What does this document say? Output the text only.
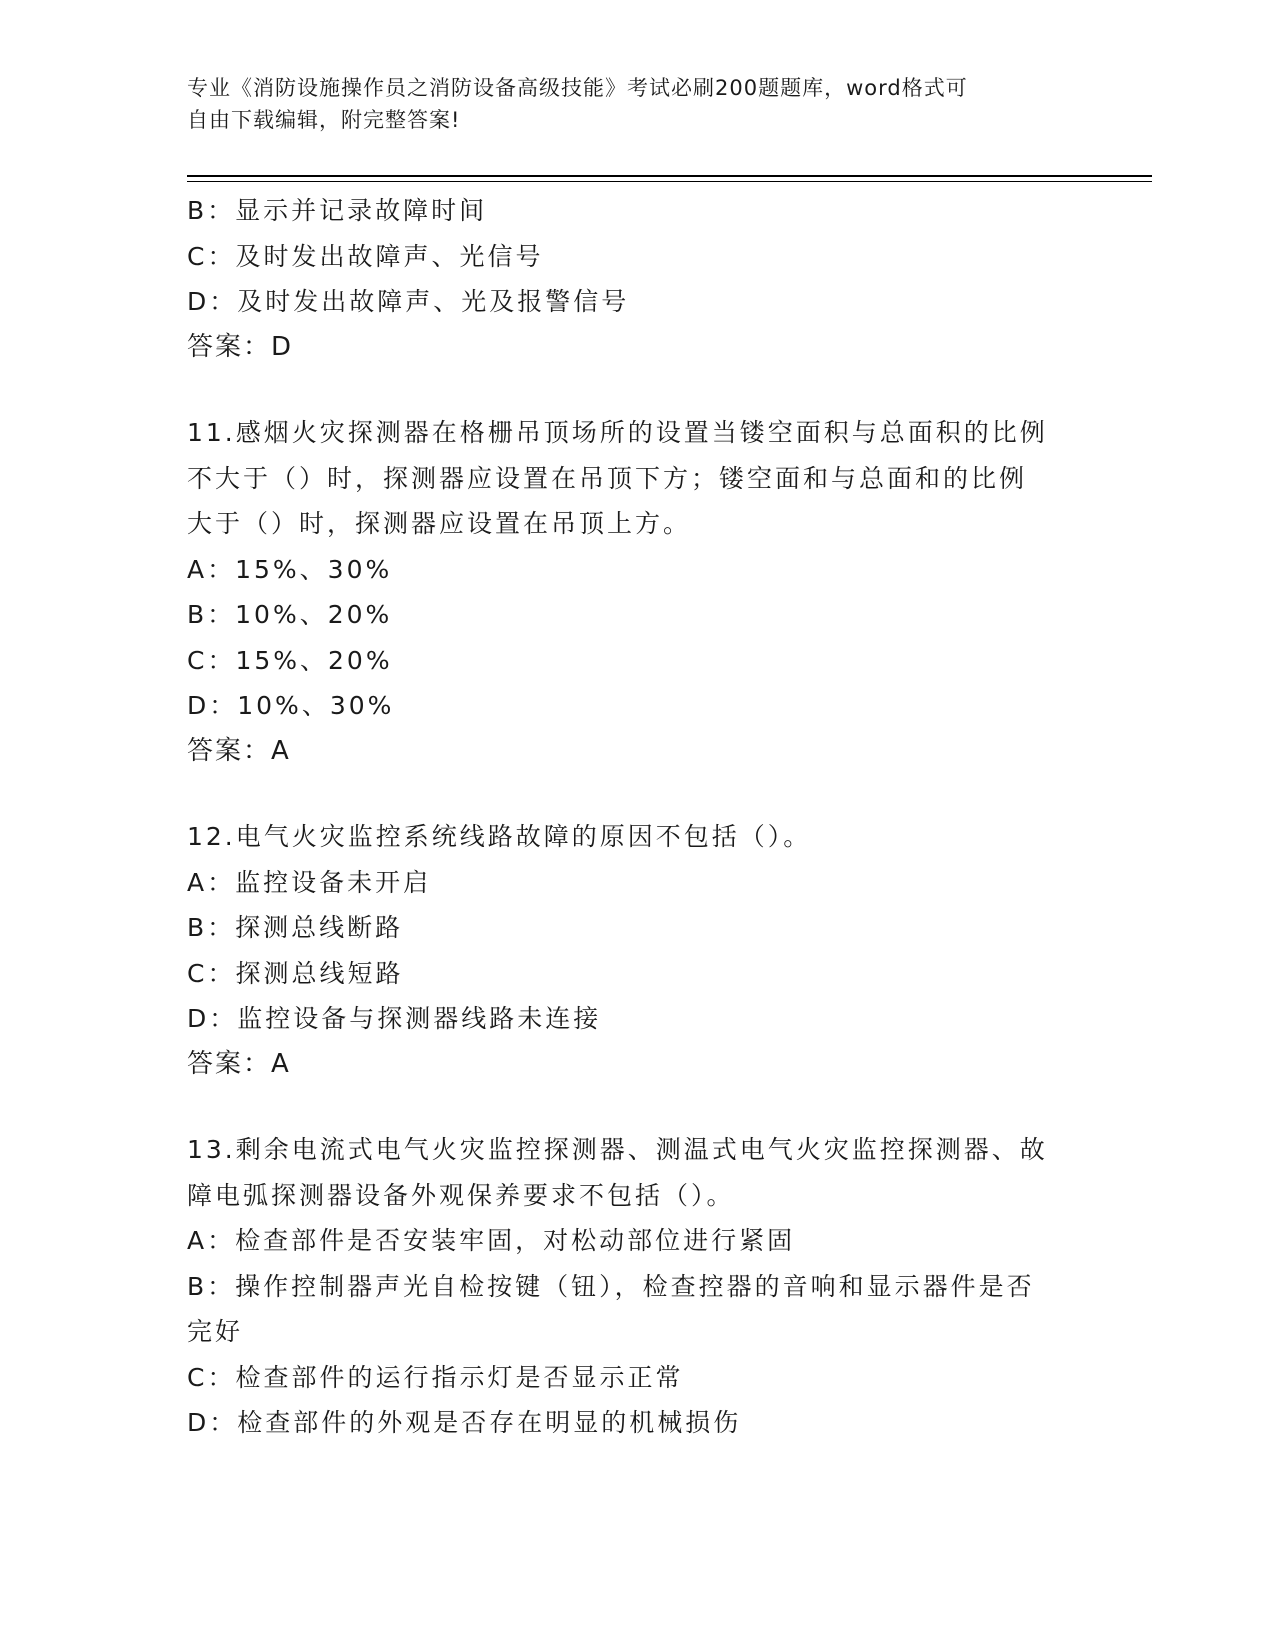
专业《消防设施操作员之消防设备高级技能》考试必刷200题题库，word格式可
自由下载编辑，附完整答案!
B：显示并记录故障时间
C：及时发出故障声、光信号
D：及时发出故障声、光及报警信号
答案：D
11.感烟火灾探测器在格栅吊顶场所的设置当镂空面积与总面积的比例
不大于（）时，探测器应设置在吊顶下方；镂空面和与总面和的比例
大于（）时，探测器应设置在吊顶上方。
A：15%、30%
B：10%、20%
C：15%、20%
D：10%、30%
答案：A
12.电气火灾监控系统线路故障的原因不包括（）。
A：监控设备未开启
B：探测总线断路
C：探测总线短路
D：监控设备与探测器线路未连接
答案：A
13.剩余电流式电气火灾监控探测器、测温式电气火灾监控探测器、故
障电弧探测器设备外观保养要求不包括（）。
A：检查部件是否安装牢固，对松动部位进行紧固
B：操作控制器声光自检按键（钮），检查控器的音响和显示器件是否
完好
C：检查部件的运行指示灯是否显示正常
D：检查部件的外观是否存在明显的机械损伤
